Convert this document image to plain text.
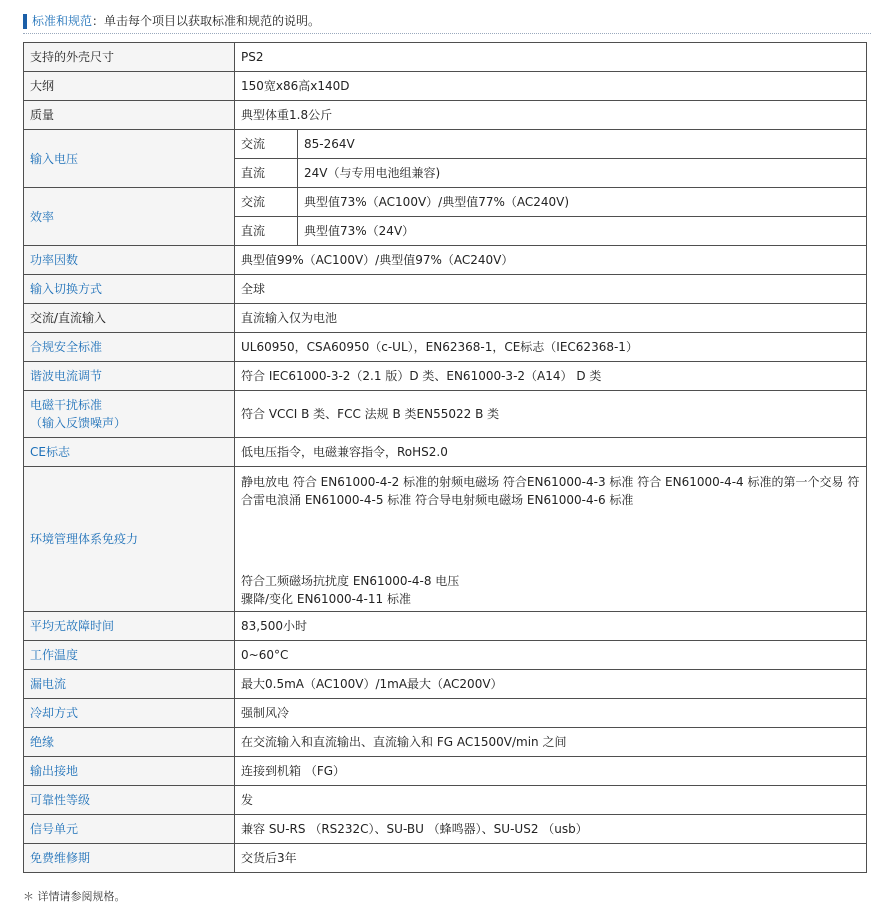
标准和规范：单击每个项目以获取标准和规范的说明。
支持的外壳尺寸	PS2	
大纲	150宽x86高x140D	
质量	典型体重1.8公斤	
输入电压	交流	85-264V
	直流	24V（与专用电池组兼容)
效率	交流	典型值73%（AC100V）/典型值77%（AC240V)
	直流	典型值73%（24V）
功率因数	典型值99%（AC100V）/典型值97%（AC240V）	
输入切换方式	全球	
交流/直流输入	直流输入仅为电池	
合规安全标准	UL60950，CSA60950（c-UL），EN62368-1，CE标志（IEC62368-1）	
谐波电流调节	符合 IEC61000-3-2（2.1 版）D 类、EN61000-3-2（A14） D 类	

电磁干扰标准
（输入反馈噪声）	符合 VCCI B 类、FCC 法规 B 类EN55022 B 类	
CE标志	低电压指令，电磁兼容指令，RoHS2.0	
环境管理体系免疫力	静电放电 符合 EN61000-4-2 标准的射频电磁场 符合EN61000-4-3 标准 符合 EN61000-4-4 标准的第一个交易 符合雷电浪涌 EN61000-4-5 标准 符合导电射频电磁场 EN61000-4-6 标准
符合工频磁场抗扰度 EN61000-4-8 电压
骤降/变化 EN61000-4-11 标准	

平均无故障时间	83,500小时	
工作温度	0~60°C	
漏电流	最大0.5mA（AC100V）/1mA最大（AC200V）	
冷却方式	强制风冷	
绝缘	在交流输入和直流输出、直流输入和 FG AC1500V/min 之间	
输出接地	连接到机箱 （FG）	
可靠性等级	发	
信号单元	兼容 SU-RS （RS232C）、SU-BU （蜂鸣器）、SU-US2 （usb）	
免费维修期	交货后3年	
＊ 详情请参阅规格。
